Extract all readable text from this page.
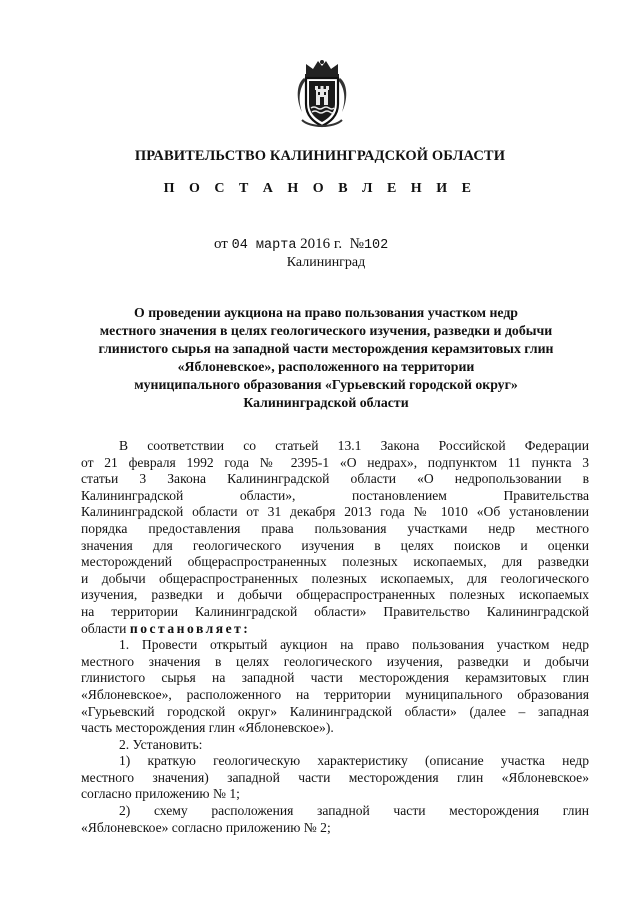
ПРАВИТЕЛЬСТВО КАЛИНИНГРАДСКОЙ ОБЛАСТИ
П О С Т А Н О В Л Е Н И Е
от 04 марта 2016 г. №102
Калининград
О проведении аукциона на право пользования участком недр
местного значения в целях геологического изучения, разведки и добычи
глинистого сырья на западной части месторождения керамзитовых глин
«Яблоневское», расположенного на территории
муниципального образования «Гурьевский городской округ»
Калининградской области
В соответствии со статьей 13.1 Закона Российской Федерации
от 21 февраля 1992 года № 2395-1 «О недрах», подпунктом 11 пункта 3
статьи 3 Закона Калининградской области «О недропользовании в
Калининградской области», постановлением Правительства
Калининградской области от 31 декабря 2013 года № 1010 «Об установлении
порядка предоставления права пользования участками недр местного
значения для геологического изучения в целях поисков и оценки
месторождений общераспространенных полезных ископаемых, для разведки
и добычи общераспространенных полезных ископаемых, для геологического
изучения, разведки и добычи общераспространенных полезных ископаемых
на территории Калининградской области» Правительство Калининградской
области постановляет:
1. Провести открытый аукцион на право пользования участком недр
местного значения в целях геологического изучения, разведки и добычи
глинистого сырья на западной части месторождения керамзитовых глин
«Яблоневское», расположенного на территории муниципального образования
«Гурьевский городской округ» Калининградской области» (далее – западная
часть месторождения глин «Яблоневское»).
2. Установить:
1) краткую геологическую характеристику (описание участка недр
местного значения) западной части месторождения глин «Яблоневское»
согласно приложению № 1;
2) схему расположения западной части месторождения глин
«Яблоневское» согласно приложению № 2;
